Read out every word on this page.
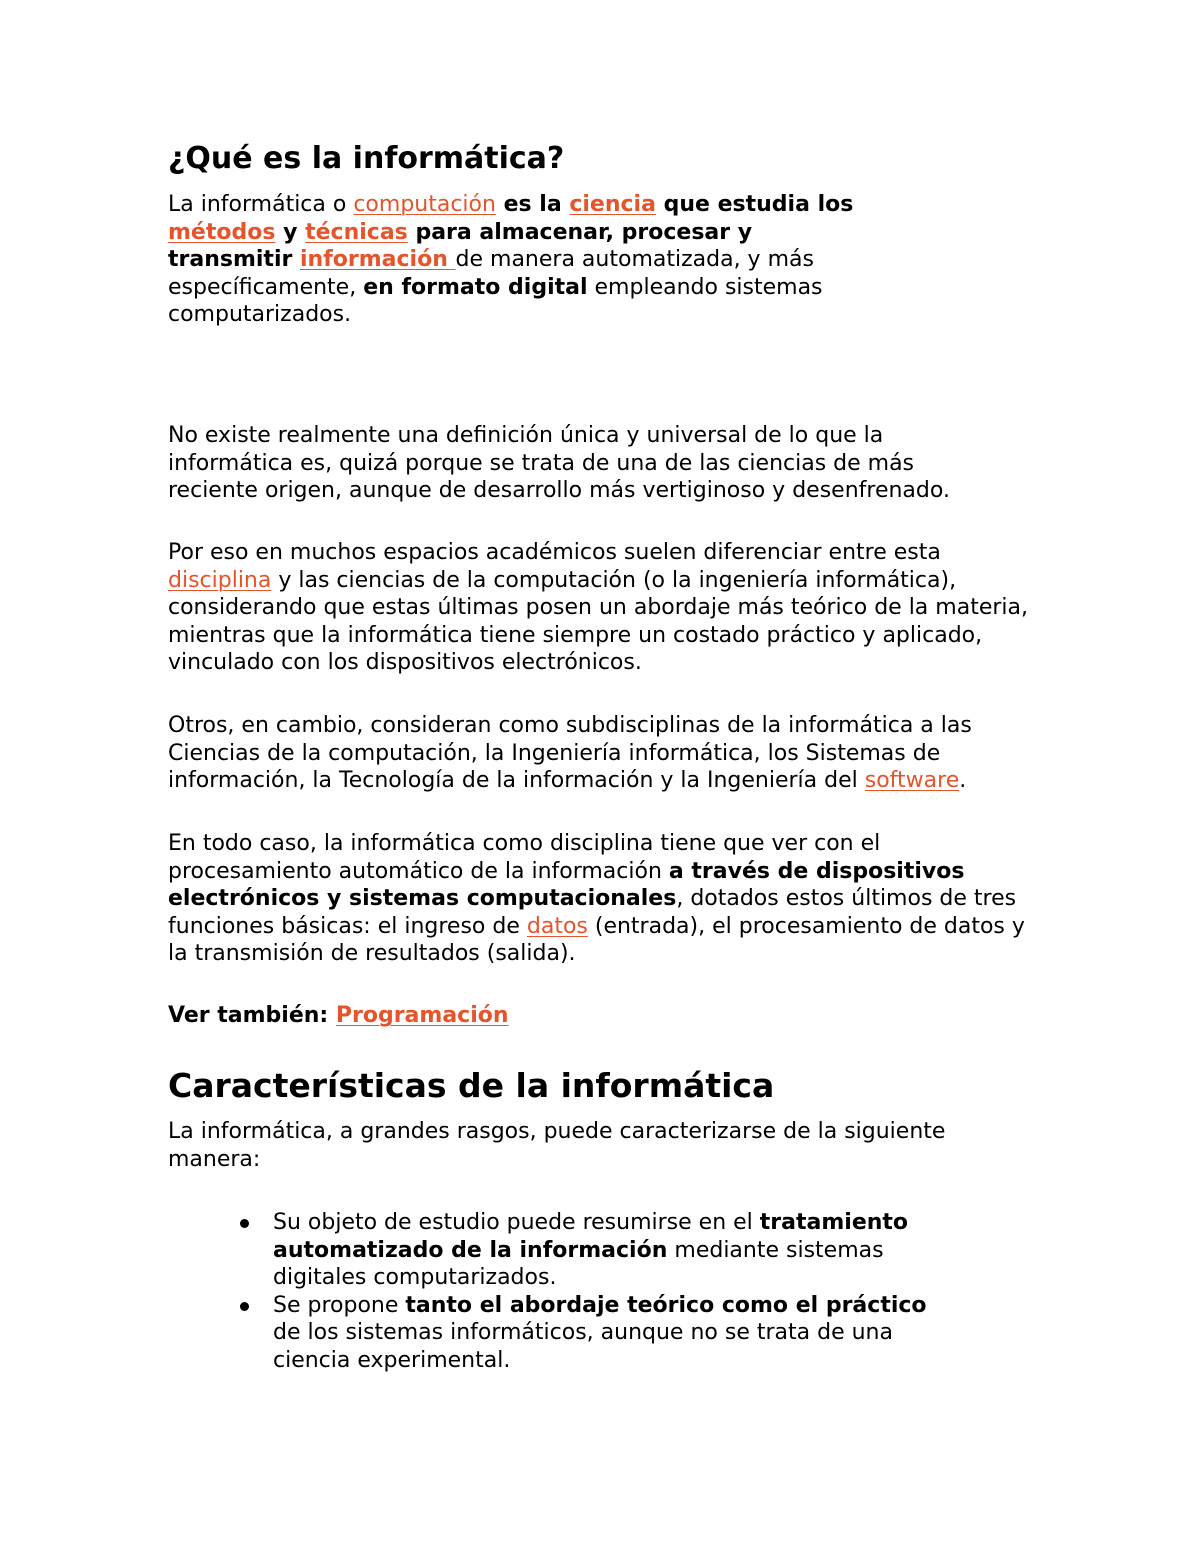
¿Qué es la informática?

La informática o computación es la ciencia que estudia los métodos y técnicas para almacenar, procesar y transmitir información de manera automatizada, y más específicamente, en formato digital empleando sistemas computarizados.

No existe realmente una definición única y universal de lo que la informática es, quizá porque se trata de una de las ciencias de más reciente origen, aunque de desarrollo más vertiginoso y desenfrenado.

Por eso en muchos espacios académicos suelen diferenciar entre esta disciplina y las ciencias de la computación (o la ingeniería informática), considerando que estas últimas posen un abordaje más teórico de la materia, mientras que la informática tiene siempre un costado práctico y aplicado, vinculado con los dispositivos electrónicos.

Otros, en cambio, consideran como subdisciplinas de la informática a las Ciencias de la computación, la Ingeniería informática, los Sistemas de información, la Tecnología de la información y la Ingeniería del software.

En todo caso, la informática como disciplina tiene que ver con el procesamiento automático de la información a través de dispositivos electrónicos y sistemas computacionales, dotados estos últimos de tres funciones básicas: el ingreso de datos (entrada), el procesamiento de datos y la transmisión de resultados (salida).

Ver también: Programación

Características de la informática

La informática, a grandes rasgos, puede caracterizarse de la siguiente manera:

Su objeto de estudio puede resumirse en el tratamiento automatizado de la información mediante sistemas digitales computarizados.
Se propone tanto el abordaje teórico como el práctico de los sistemas informáticos, aunque no se trata de una ciencia experimental.
